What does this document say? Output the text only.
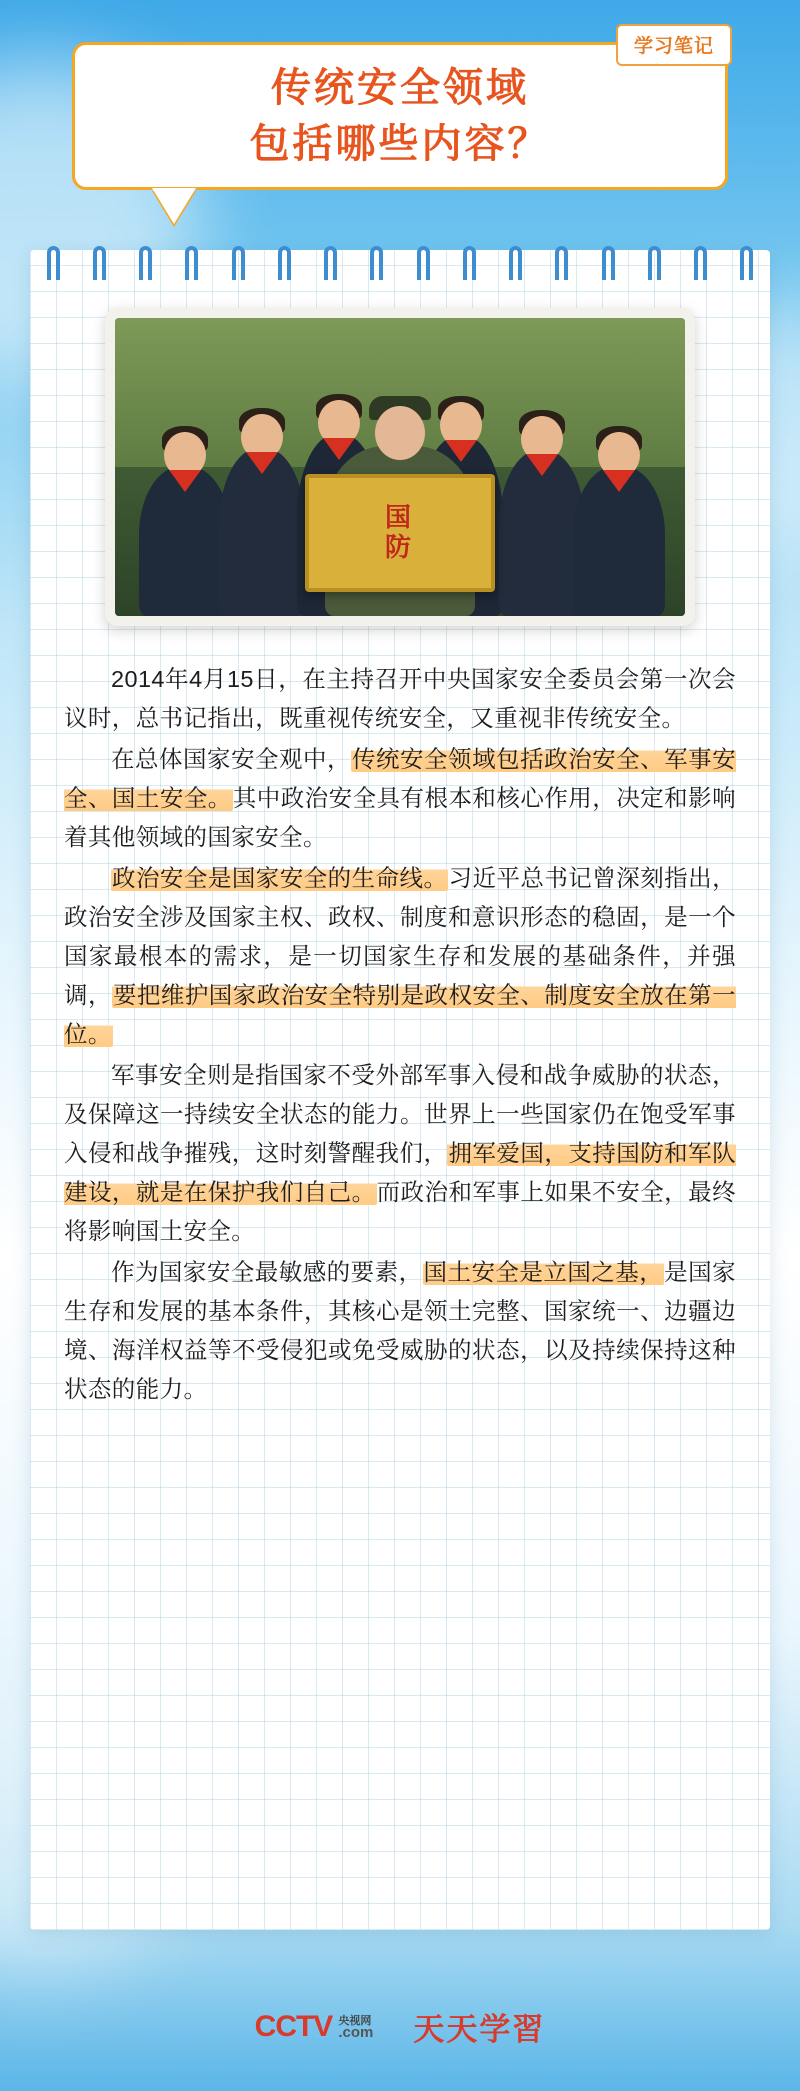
传统安全领域
包括哪些内容？
学习笔记
国
防

2014年4月15日，在主持召开中央国家安全委员会第一次会议时，总书记指出，既重视传统安全，又重视非传统安全。

在总体国家安全观中，传统安全领域包括政治安全、军事安全、国土安全。其中政治安全具有根本和核心作用，决定和影响着其他领域的国家安全。

政治安全是国家安全的生命线。习近平总书记曾深刻指出，政治安全涉及国家主权、政权、制度和意识形态的稳固，是一个国家最根本的需求，是一切国家生存和发展的基础条件，并强调，要把维护国家政治安全特别是政权安全、制度安全放在第一位。

军事安全则是指国家不受外部军事入侵和战争威胁的状态，及保障这一持续安全状态的能力。世界上一些国家仍在饱受军事入侵和战争摧残，这时刻警醒我们，拥军爱国，支持国防和军队建设，就是在保护我们自己。而政治和军事上如果不安全，最终将影响国土安全。

作为国家安全最敏感的要素，国土安全是立国之基，是国家生存和发展的基本条件，其核心是领土完整、国家统一、边疆边境、海洋权益等不受侵犯或免受威胁的状态，以及持续保持这种状态的能力。

CCTV 央视网
.com 天天学習
